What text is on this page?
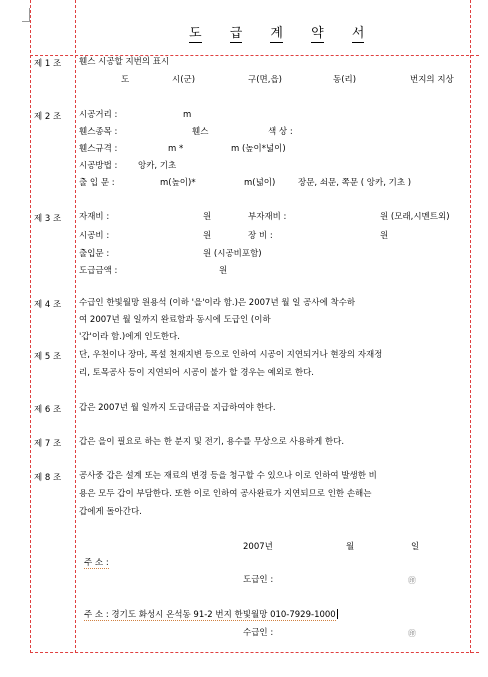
도 급 계 약 서
제 1 조 휀스 시공할 지번의 표시
도	시(군)	구(면,읍)	동(리)	번지의 지상
제 2 조 시공거리 :	m
휀스종목 :	휀스	색 상 :
휀스규격 :	m *	m (높이*넓이)
시공방법 : 앙카, 기초
출 입 문 :	m(높이)*	m(넓이)	장문, 쇠문, 쪽문 ( 앙카, 기초 )
제 3 조 자재비 :	원	부자재비 :	원 (모래,시멘트외)
시공비 :	원	장 비 :	원
출입문 :	원 (시공비포함)
도급금액 :	원
제 4 조 수급인 한빛월망 원용석 (이하 '을'이라 함.)은 2007년 월 일 공사에 착수하
여 2007년 월 일까지 완료함과 동시에 도급인 (이하
'갑'이라 함.)에게 인도한다.
제 5 조 단, 우천이나 장마, 폭설 천재지변 등으로 인하여 시공이 지연되거나 현장의 자재정
리, 토목공사 등이 지연되어 시공이 불가 할 경우는 예외로 한다.
제 6 조 갑은 2007년 월 일까지 도급대금을 지급하여야 한다.
제 7 조 갑은 을이 필요로 하는 한 분지 및 전기, 용수를 무상으로 사용하게 한다.
제 8 조 공사중 갑은 설계 또는 재료의 변경 등을 청구할 수 있으나 이로 인하여 발생한 비
용은 모두 갑이 부담한다. 또한 이로 인하여 공사완료가 지연되므로 인한 손해는
갑에게 돌아간다.
2007년	월	일
주 소 :
도급인 :	㊞
주 소 : 경기도 화성시 온석동 91-2 번지 한빛월망 010-7929-1000
수급인 :	㊞
